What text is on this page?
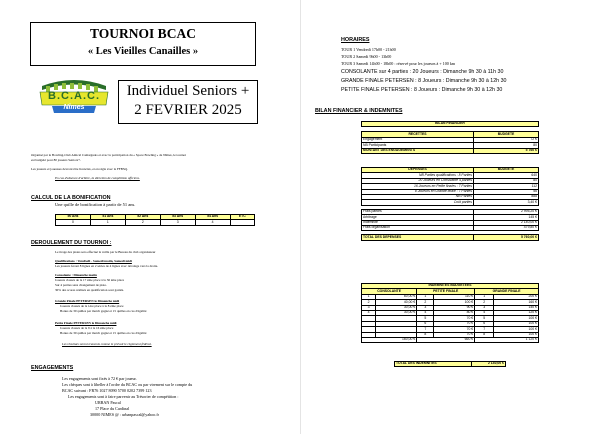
TOURNOI BCAC
« Les Vieilles Canailles »
B.C.A.C.
Nîmes
Individuel Seniors +
2 FEVRIER 2025
Organisé par le Bowling-Club Amical Camarguais et avec la participation du « Space Bowling » de Nîmes, le tournoi
est budgété pour 80 joueurs Seniors+.
Les joueurs et joueuses devront être licenciés, et en règle avec la FFBSQ.
En cas d'absence d'arbitre, la direction de compétition officiera.
CALCUL DE LA BONIFICATION
Une quille de bonification à partir de 51 ans.
50 Ans	51 Ans	52 Ans	53 Ans	54 Ans	ETC
0	1	2	3	4	
DEROULEMENT DU TOURNOI :
Le tirage des pistes sera effectué la veille par le Bureau du club organisateur
Qualifications : Vendredi - Samedi matin, Samedi midi
Les joueurs feront 8 lignes en 2 séries de 4 lignes avec décalage vers la droite.
Consolante : Dimanche matin
Joueurs classés de la 17 ème place à la 36 ème place
Sur 4 parties sans changement de piste.
30% des scores réalisés en qualification sont gardés.
Grande Finale PETERSEN le Dimanche midi
Joueurs classés de la 1ère place à la 8 ème place
Bonus de 30 quilles par match gagné et 15 quilles en cas d'égalité
Petite Finale PETERSEN le Dimanche midi
Joueurs classés de la 9 à la 16 ème place
Bonus de 30 quilles par match gagné et 15 quilles en cas d'égalité
Les résultats seront transmis comme le prévoit le règlement fédéral.
ENGAGEMENTS
Les engagements sont fixés à 72 € par joueur.
Les chèques sont à libeller à l'ordre du BCAC ou par virement sur le compte du
BCAC suivant : FR76 1027 8090 5700 0202 7399 123
Les engagements sont à faire parvenir au Trésorier de compétition :
URBAN Pascal
17 Place du Cardinal
30000 NIMES @ : urbanpascal@yahoo.fr
HORAIRES
TOUR 1 Vendredi 17h00 - 21h00
TOUR 2 Samedi 9h00 - 13h00
TOUR 3 Samedi 14h00 - 18h00 : réservé pour les joueurs à + 100 km
CONSOLANTE sur 4 parties : 20 Joueurs : Dimanche 9h 30 à 11h 30
GRANDE FINALE PETERSEN : 8 Joueurs : Dimanche 9h 30 à 12h 30
PETITE FINALE PETERSEN : 8 Joueurs : Dimanche 9h 30 à 12h 30
BILAN FINANCIER & INDEMNITES
BILAN FINANCIER	

RECETTES	BUDGETE
Engagement	72 €
NB Participants	80
MONTANT DES ENGAGEMENTS	5 760 €
DEPENSES	BUDGETE
NB Parties qualifications : 8 Parties	640
20 Joueurs en Consolante 4 parties	80
16 Joueurs en Petite finales : 7 Parties	112
8 Joueurs en Grande finale : 7 Parties	56
NB Parties	888
Coût parties	3,40 €

Frais parties	2 995,20 €
Arbitrage	145 €
Indemnité	2 140,00 €
Frais organisation	479,80 €

TOTAL DES DEPENSES	5 760,00 €
INDEMNITES BUDGETEES					
CONSOLANTE		PETITE FINALE		GRANDE FINALE	
1	60,00 €	1	110 €	1	200 €
2	40,00 €	2	100 €	2	160 €
3	30,00 €	3	90 €	3	140 €
4	30,00 €	4	80 €	4	120 €
		5	70 €	5	100 €
		6	70 €	6	100 €
		7	70 €	7	100 €
		8	70 €	8	100 €
160,00 €		660 €		1 120 €	
TOTAL DES INDEMNITES	2 140,00 €
